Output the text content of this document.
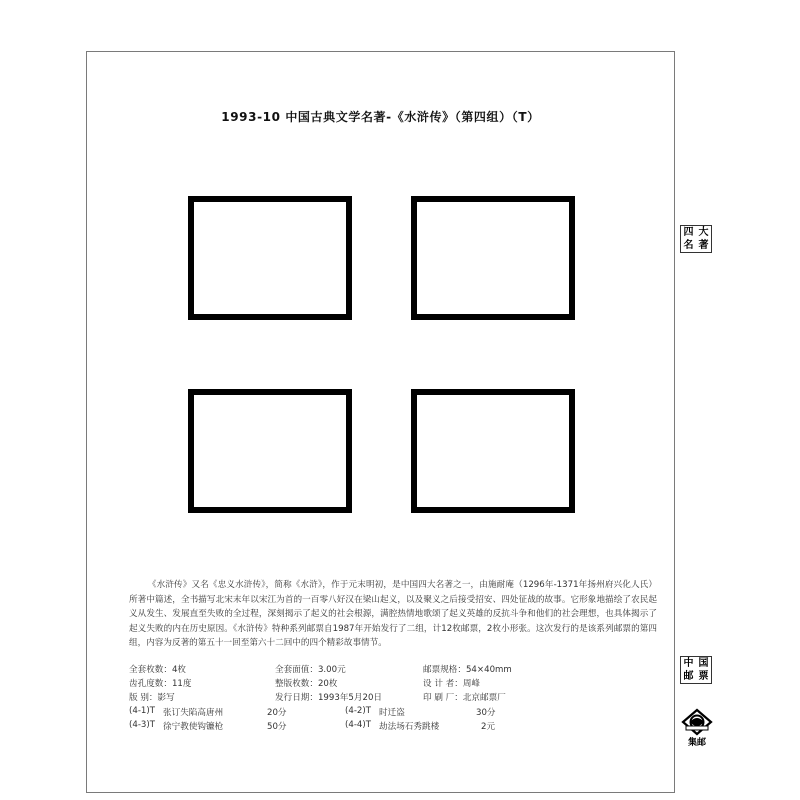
1993-10 中国古典文学名著-《水浒传》（第四组）（T）

《水浒传》又名《忠义水浒传》，简称《水浒》，作于元末明初，是中国四大名著之一，由施耐庵（1296年-1371年扬州府兴化人氏）所著中篇述，全书描写北宋末年以宋江为首的一百零八好汉在梁山起义，以及聚义之后接受招安、四处征战的故事。它形象地描绘了农民起义从发生、发展直至失败的全过程，深刻揭示了起义的社会根源，满腔热情地歌颂了起义英雄的反抗斗争和他们的社会理想，也具体揭示了起义失败的内在历史原因。《水浒传》特种系列邮票自1987年开始发行了二组，计12枚邮票，2枚小形张。这次发行的是该系列邮票的第四组，内容为反著的第五十一回至第六十二回中的四个精彩故事情节。

全套枚数：4枚	全套面值：3.00元	邮票规格：54×40mm
齿孔度数：11度	整版枚数：20枚	设 计 者：周峰
版 别：影写	发行日期：1993年5月20日	印 刷 厂：北京邮票厂
(4-1)T 张订失陷高唐州	20分	(4-2)T 时迁盗	30分
(4-3)T 徐宁教使钩镰枪	50分	(4-4)T 劫法场石秀跳楼	2元
四 大
名 著
中 国
邮 票
集邮
